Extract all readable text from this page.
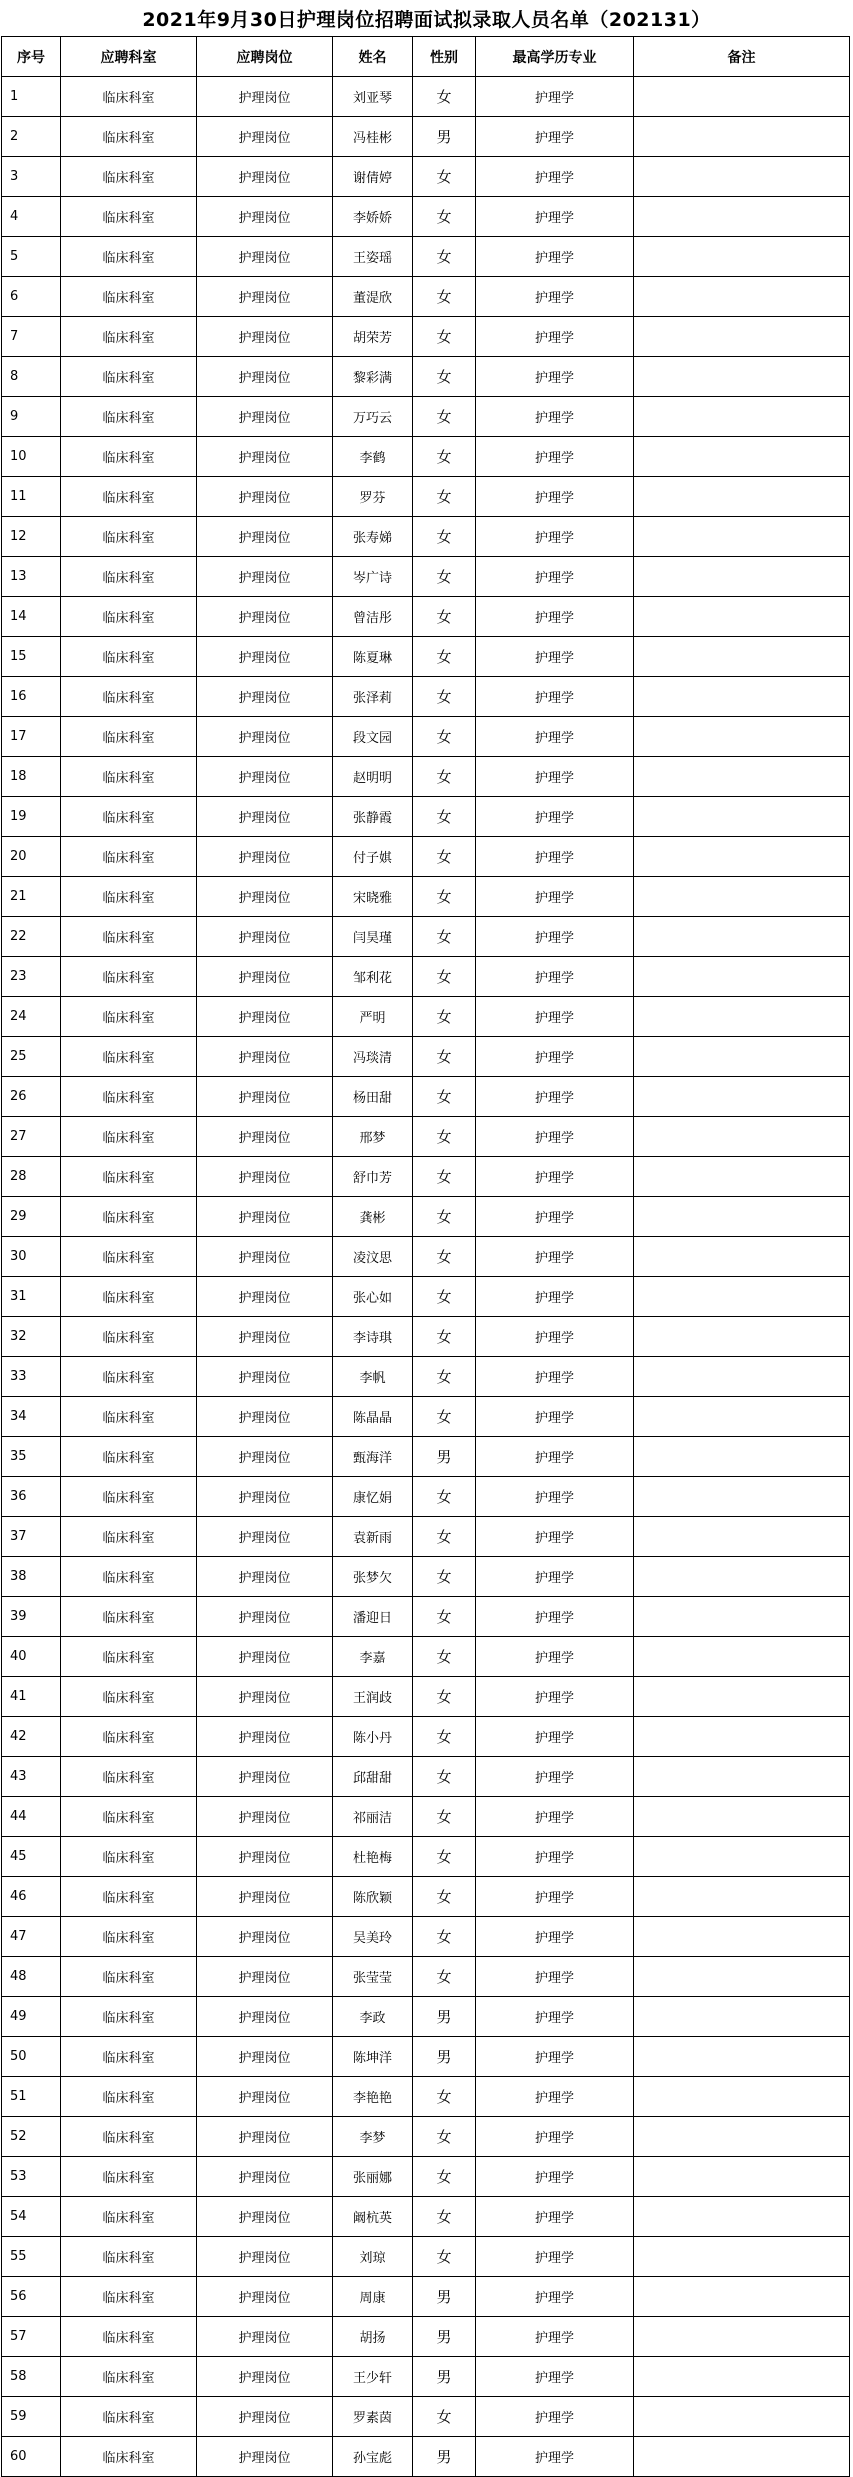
2021年9月30日护理岗位招聘面试拟录取人员名单（202131）
序号	应聘科室	应聘岗位	姓名	性别	最高学历专业	备注
1	临床科室	护理岗位	刘亚琴	女	护理学	
2	临床科室	护理岗位	冯桂彬	男	护理学	
3	临床科室	护理岗位	谢倩婷	女	护理学	
4	临床科室	护理岗位	李娇娇	女	护理学	
5	临床科室	护理岗位	王姿瑶	女	护理学	
6	临床科室	护理岗位	董湜欣	女	护理学	
7	临床科室	护理岗位	胡荣芳	女	护理学	
8	临床科室	护理岗位	黎彩满	女	护理学	
9	临床科室	护理岗位	万巧云	女	护理学	
10	临床科室	护理岗位	李鹤	女	护理学	
11	临床科室	护理岗位	罗芬	女	护理学	
12	临床科室	护理岗位	张寿娣	女	护理学	
13	临床科室	护理岗位	岑广诗	女	护理学	
14	临床科室	护理岗位	曾洁彤	女	护理学	
15	临床科室	护理岗位	陈夏琳	女	护理学	
16	临床科室	护理岗位	张泽莉	女	护理学	
17	临床科室	护理岗位	段文园	女	护理学	
18	临床科室	护理岗位	赵明明	女	护理学	
19	临床科室	护理岗位	张静霞	女	护理学	
20	临床科室	护理岗位	付子娸	女	护理学	
21	临床科室	护理岗位	宋晓雅	女	护理学	
22	临床科室	护理岗位	闫昊瑾	女	护理学	
23	临床科室	护理岗位	邹利花	女	护理学	
24	临床科室	护理岗位	严明	女	护理学	
25	临床科室	护理岗位	冯琰清	女	护理学	
26	临床科室	护理岗位	杨田甜	女	护理学	
27	临床科室	护理岗位	邢梦	女	护理学	
28	临床科室	护理岗位	舒巾芳	女	护理学	
29	临床科室	护理岗位	龚彬	女	护理学	
30	临床科室	护理岗位	凌汶思	女	护理学	
31	临床科室	护理岗位	张心如	女	护理学	
32	临床科室	护理岗位	李诗琪	女	护理学	
33	临床科室	护理岗位	李帆	女	护理学	
34	临床科室	护理岗位	陈晶晶	女	护理学	
35	临床科室	护理岗位	甄海洋	男	护理学	
36	临床科室	护理岗位	康忆娟	女	护理学	
37	临床科室	护理岗位	袁新雨	女	护理学	
38	临床科室	护理岗位	张梦欠	女	护理学	
39	临床科室	护理岗位	潘迎日	女	护理学	
40	临床科室	护理岗位	李嘉	女	护理学	
41	临床科室	护理岗位	王润歧	女	护理学	
42	临床科室	护理岗位	陈小丹	女	护理学	
43	临床科室	护理岗位	邱甜甜	女	护理学	
44	临床科室	护理岗位	祁丽洁	女	护理学	
45	临床科室	护理岗位	杜艳梅	女	护理学	
46	临床科室	护理岗位	陈欣颖	女	护理学	
47	临床科室	护理岗位	吴美玲	女	护理学	
48	临床科室	护理岗位	张莹莹	女	护理学	
49	临床科室	护理岗位	李政	男	护理学	
50	临床科室	护理岗位	陈坤洋	男	护理学	
51	临床科室	护理岗位	李艳艳	女	护理学	
52	临床科室	护理岗位	李梦	女	护理学	
53	临床科室	护理岗位	张丽娜	女	护理学	
54	临床科室	护理岗位	阚杭英	女	护理学	
55	临床科室	护理岗位	刘琼	女	护理学	
56	临床科室	护理岗位	周康	男	护理学	
57	临床科室	护理岗位	胡扬	男	护理学	
58	临床科室	护理岗位	王少轩	男	护理学	
59	临床科室	护理岗位	罗素茵	女	护理学	
60	临床科室	护理岗位	孙宝彪	男	护理学	
